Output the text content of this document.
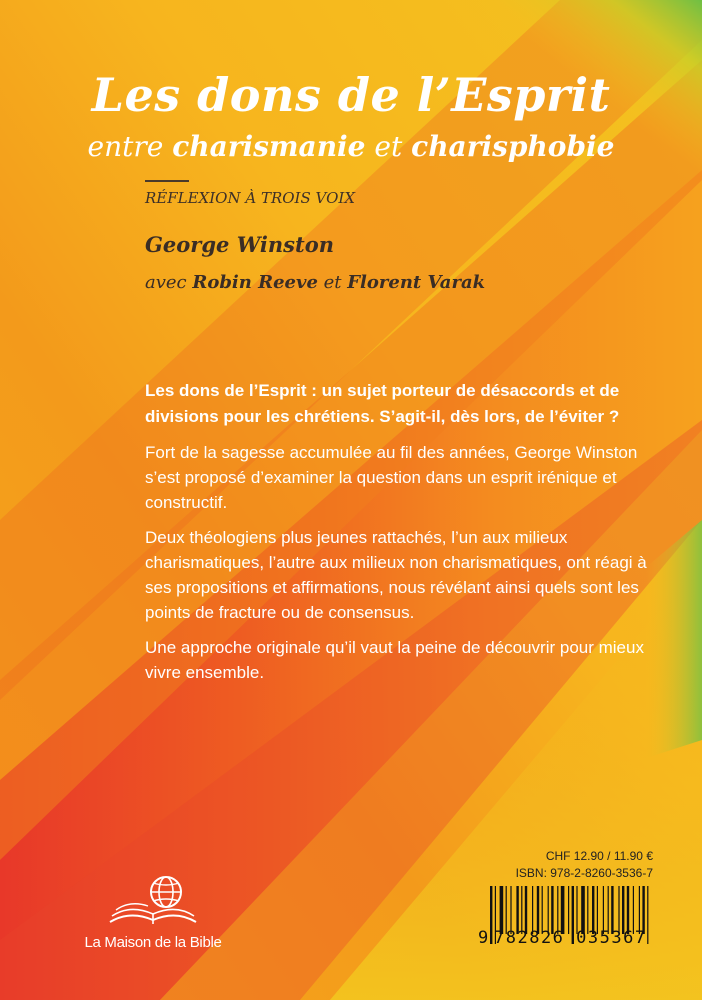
Les dons de l’Esprit
entre charismanie et charisphobie
RÉFLEXION À TROIS VOIX
George Winston
avec Robin Reeve et Florent Varak

Les dons de l’Esprit : un sujet porteur de désaccords et de divisions pour les chrétiens. S’agit-il, dès lors, de l’éviter ?

Fort de la sagesse accumulée au fil des années, George Winston s’est proposé d’examiner la question dans un esprit irénique et constructif.

Deux théologiens plus jeunes rattachés, l’un aux milieux charismatiques, l’autre aux milieux non charismatiques, ont réagi à ses propositions et affirmations, nous révélant ainsi quels sont les points de fracture ou de consensus.

Une approche originale qu’il vaut la peine de découvrir pour mieux vivre ensemble.

La Maison de la Bible
CHF 12.90 / 11.90 €
ISBN: 978-2-8260-3536-7
9 782826 035367
